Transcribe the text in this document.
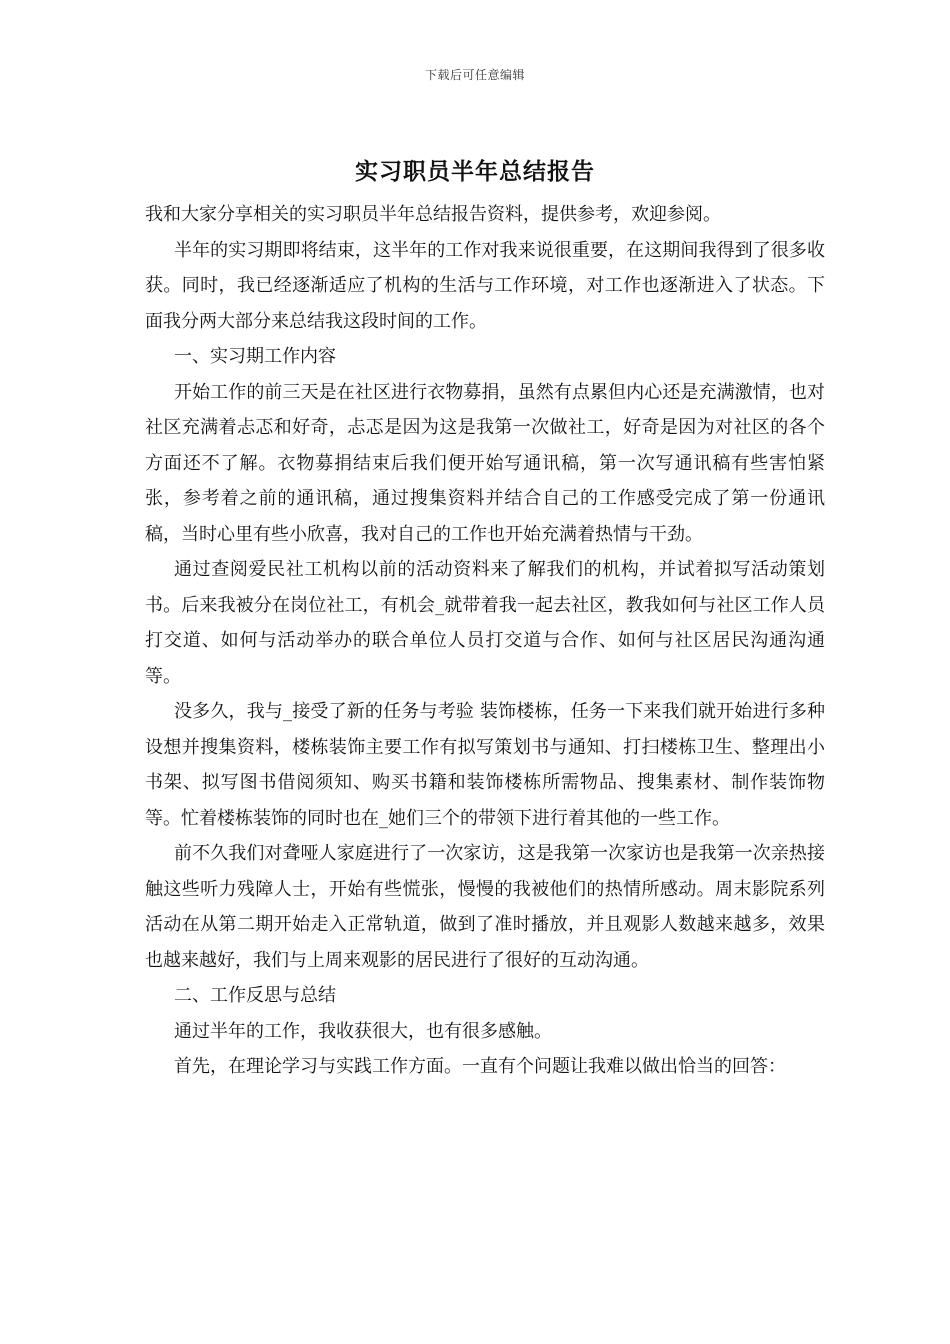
下载后可任意编辑
实习职员半年总结报告

我和大家分享相关的实习职员半年总结报告资料，提供参考，欢迎参阅。

半年的实习期即将结束，这半年的工作对我来说很重要，在这期间我得到了很多收获。同时，我已经逐渐适应了机构的生活与工作环境，对工作也逐渐进入了状态。下面我分两大部分来总结我这段时间的工作。

一、实习期工作内容

开始工作的前三天是在社区进行衣物募捐，虽然有点累但内心还是充满激情，也对社区充满着忐忑和好奇，忐忑是因为这是我第一次做社工，好奇是因为对社区的各个方面还不了解。衣物募捐结束后我们便开始写通讯稿，第一次写通讯稿有些害怕紧张，参考着之前的通讯稿，通过搜集资料并结合自己的工作感受完成了第一份通讯稿，当时心里有些小欣喜，我对自己的工作也开始充满着热情与干劲。

通过查阅爱民社工机构以前的活动资料来了解我们的机构，并试着拟写活动策划书。后来我被分在岗位社工，有机会_就带着我一起去社区，教我如何与社区工作人员打交道、如何与活动举办的联合单位人员打交道与合作、如何与社区居民沟通沟通等。

没多久，我与_接受了新的任务与考验 装饰楼栋，任务一下来我们就开始进行多种设想并搜集资料，楼栋装饰主要工作有拟写策划书与通知、打扫楼栋卫生、整理出小书架、拟写图书借阅须知、购买书籍和装饰楼栋所需物品、搜集素材、制作装饰物等。忙着楼栋装饰的同时也在_她们三个的带领下进行着其他的一些工作。

前不久我们对聋哑人家庭进行了一次家访，这是我第一次家访也是我第一次亲热接触这些听力残障人士，开始有些慌张，慢慢的我被他们的热情所感动。周末影院系列活动在从第二期开始走入正常轨道，做到了准时播放，并且观影人数越来越多，效果也越来越好，我们与上周来观影的居民进行了很好的互动沟通。

二、工作反思与总结

通过半年的工作，我收获很大，也有很多感触。

首先，在理论学习与实践工作方面。一直有个问题让我难以做出恰当的回答：
